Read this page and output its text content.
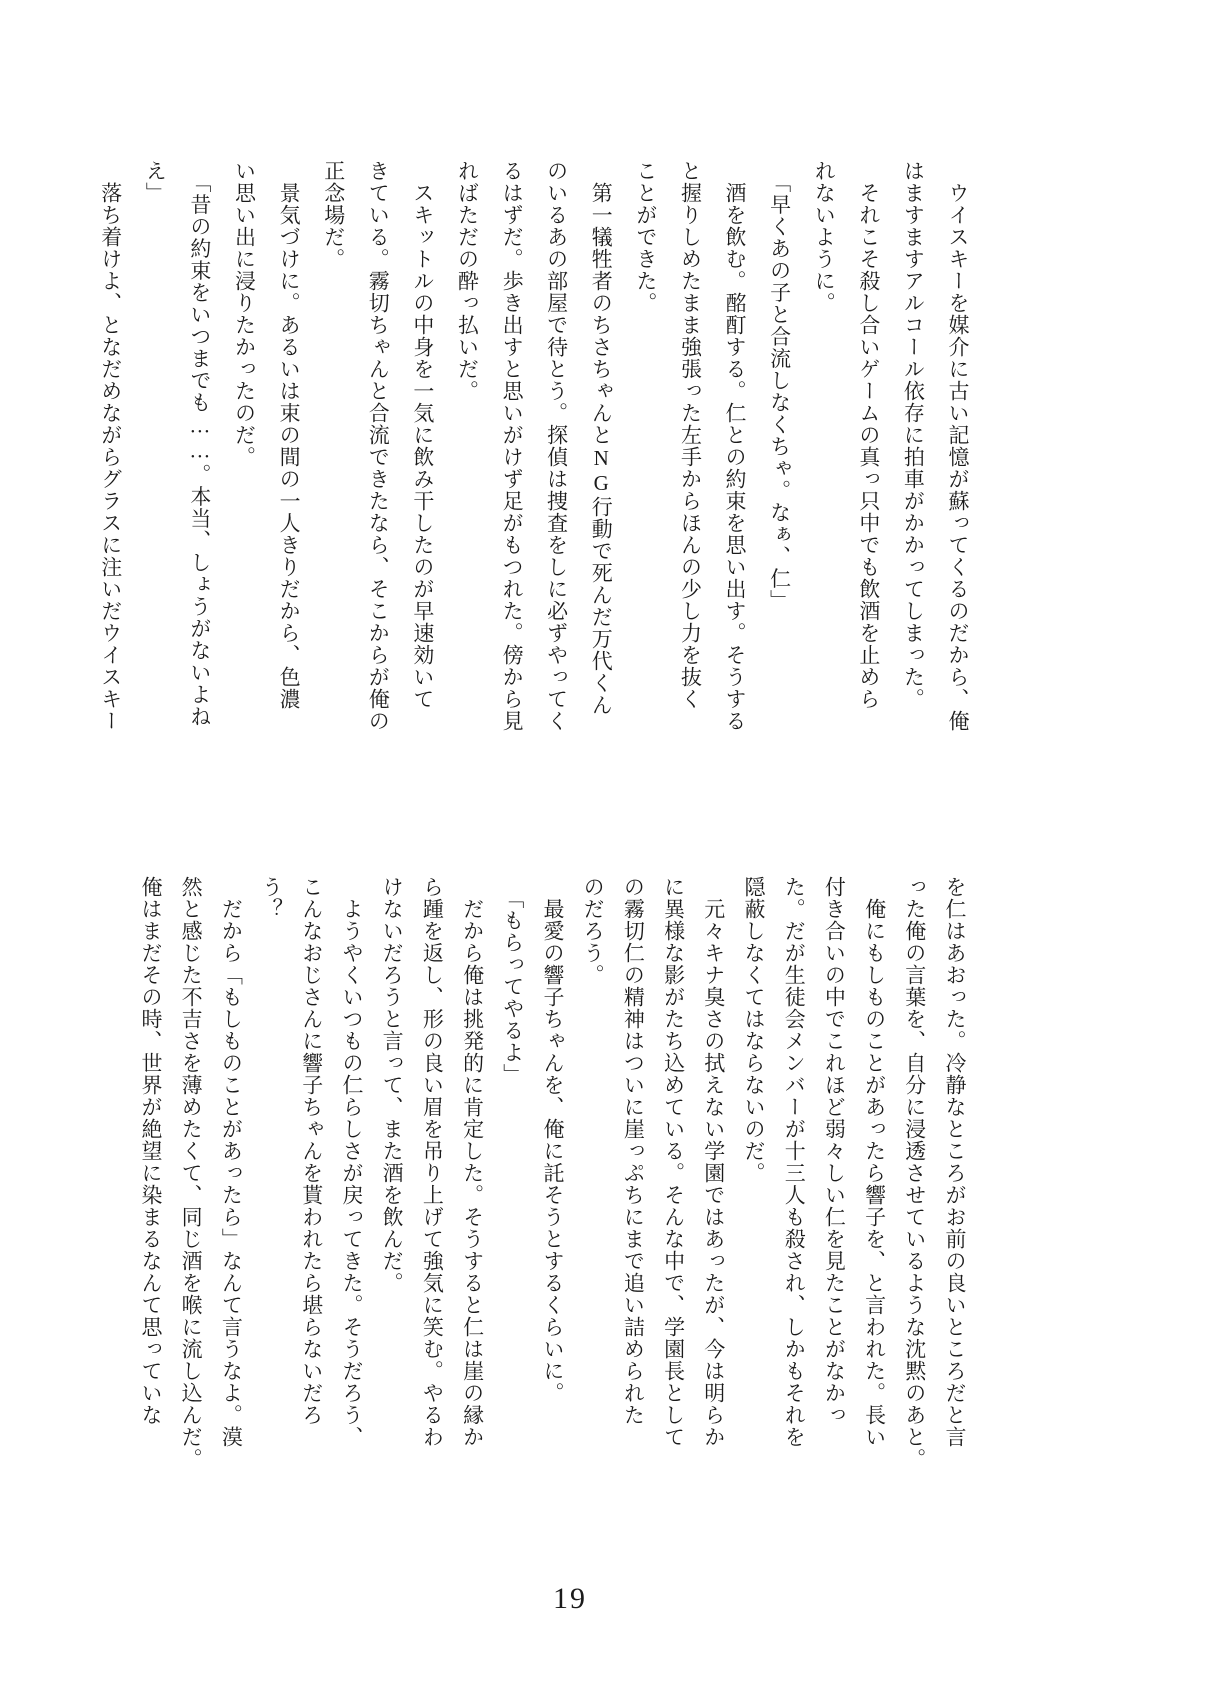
　ウイスキーを媒介に古い記憶が蘇ってくるのだから、俺

はますますアルコール依存に拍車がかかってしまった。

　それこそ殺し合いゲームの真っ只中でも飲酒を止めら

れないように。

　「早くあの子と合流しなくちゃ。なぁ、仁」

　酒を飲む。酩酊する。仁との約束を思い出す。そうする

と握りしめたまま強張った左手からほんの少し力を抜く

ことができた。

　第一犠牲者のちさちゃんとNG行動で死んだ万代くん

のいるあの部屋で待とう。探偵は捜査をしに必ずやってく

るはずだ。歩き出すと思いがけず足がもつれた。傍から見

ればただの酔っ払いだ。

　スキットルの中身を一気に飲み干したのが早速効いて

きている。霧切ちゃんと合流できたなら、そこからが俺の

正念場だ。

　景気づけに。あるいは束の間の一人きりだから、色濃

い思い出に浸りたかったのだ。

　「昔の約束をいつまでも……。本当、しょうがないよねえ」

　落ち着けよ、となだめながらグラスに注いだウイスキー

を仁はあおった。冷静なところがお前の良いところだと言

った俺の言葉を、自分に浸透させているような沈黙のあと。

　俺にもしものことがあったら響子を、と言われた。長い

付き合いの中でこれほど弱々しい仁を見たことがなかっ

た。だが生徒会メンバーが十三人も殺され、しかもそれを

隠蔽しなくてはならないのだ。

　元々キナ臭さの拭えない学園ではあったが、今は明らか

に異様な影がたち込めている。そんな中で、学園長として

の霧切仁の精神はついに崖っぷちにまで追い詰められた

のだろう。

　最愛の響子ちゃんを、俺に託そうとするくらいに。

　「もらってやるよ」

　だから俺は挑発的に肯定した。そうすると仁は崖の縁か

ら踵を返し、形の良い眉を吊り上げて強気に笑む。やるわ

けないだろうと言って、また酒を飲んだ。

　ようやくいつもの仁らしさが戻ってきた。そうだろう、

こんなおじさんに響子ちゃんを貰われたら堪らないだろ

う？

　だから「もしものことがあったら」なんて言うなよ。漠

然と感じた不吉さを薄めたくて、同じ酒を喉に流し込んだ。

俺はまだその時、世界が絶望に染まるなんて思っていな

19
